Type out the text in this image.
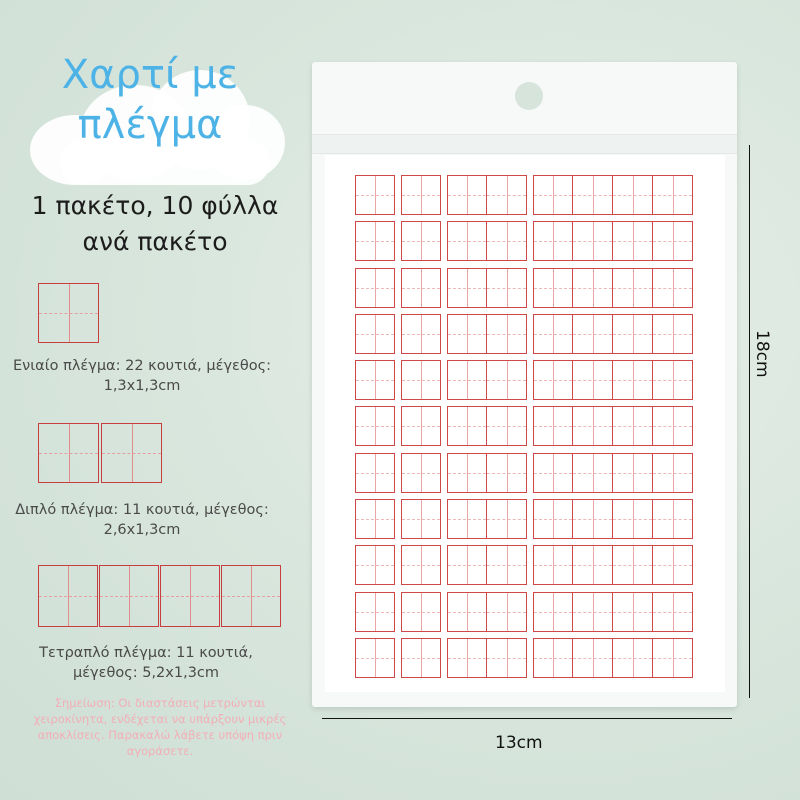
Χαρτί με πλέγμα
1 πακέτο, 10 φύλλα ανά πακέτο
Ενιαίο πλέγμα: 22 κουτιά, μέγεθος: 1,3x1,3cm
Διπλό πλέγμα: 11 κουτιά, μέγεθος: 2,6x1,3cm
Τετραπλό πλέγμα: 11 κουτιά, μέγεθος: 5,2x1,3cm
Σημείωση: Οι διαστάσεις μετρώνται χειροκίνητα, ενδέχεται να υπάρξουν μικρές αποκλίσεις. Παρακαλώ λάβετε υπόψη πριν αγοράσετε.
18cm
13cm
